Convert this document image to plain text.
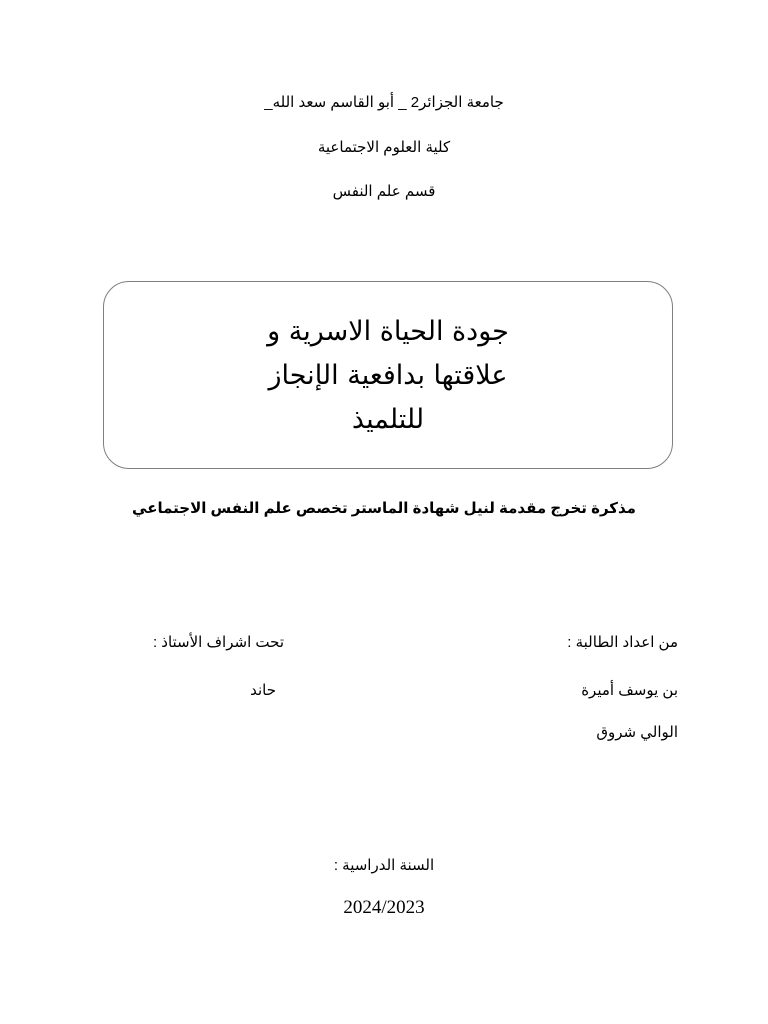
جامعة الجزائر2 _ أبو القاسم سعد الله_
كلية العلوم الاجتماعية
قسم علم النفس
جودة الحياة الاسرية و
علاقتها بدافعية الإنجاز
للتلميذ
مذكرة تخرج مقدمة لنيل شهادة الماستر تخصص علم النفس الاجتماعي
من اعداد الطالبة :
بن يوسف أميرة
الوالي شروق
تحت اشراف الأستاذ :
حاند
السنة الدراسية :
2024/2023
